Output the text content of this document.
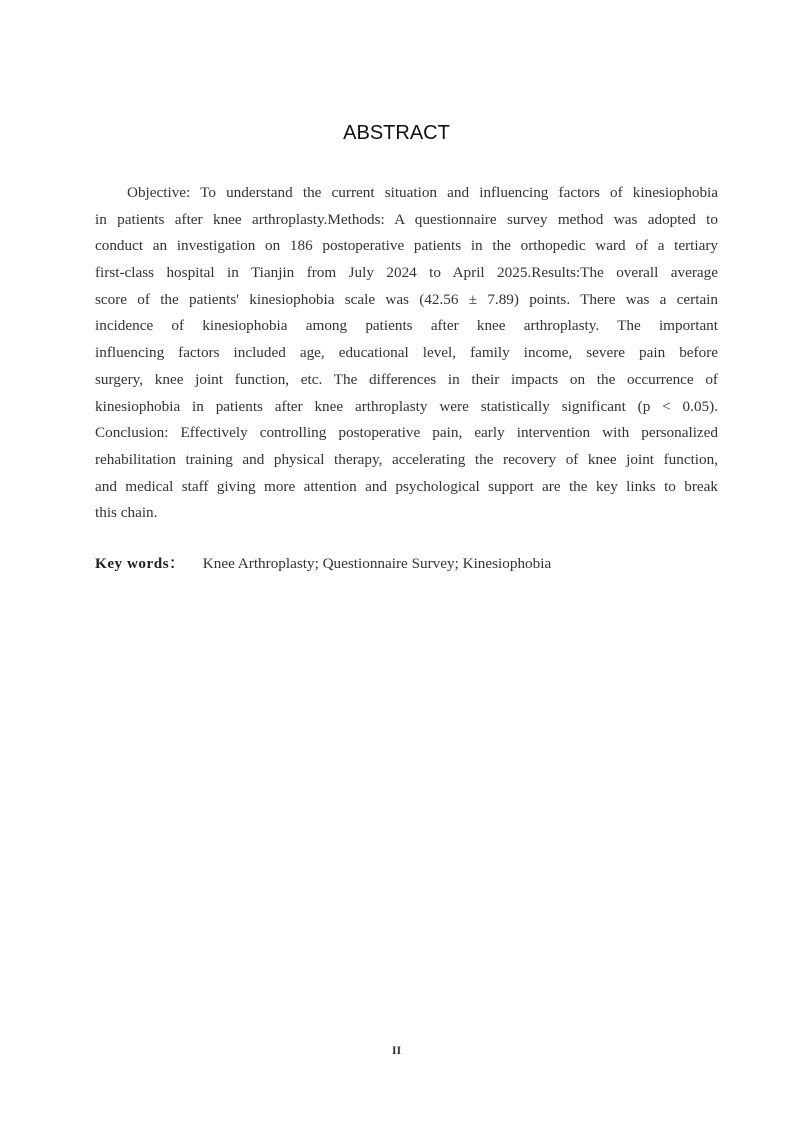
ABSTRACT
Objective: To understand the current situation and influencing factors of kinesiophobia
in patients after knee arthroplasty.Methods: A questionnaire survey method was adopted to
conduct an investigation on 186 postoperative patients in the orthopedic ward of a tertiary
first-class hospital in Tianjin from July 2024 to April 2025.Results:The overall average
score of the patients' kinesiophobia scale was (42.56 ± 7.89) points. There was a certain
incidence of kinesiophobia among patients after knee arthroplasty. The important
influencing factors included age, educational level, family income, severe pain before
surgery, knee joint function, etc. The differences in their impacts on the occurrence of
kinesiophobia in patients after knee arthroplasty were statistically significant (p < 0.05).
Conclusion: Effectively controlling postoperative pain, early intervention with personalized
rehabilitation training and physical therapy, accelerating the recovery of knee joint function,
and medical staff giving more attention and psychological support are the key links to break
this chain.
Key words： Knee Arthroplasty; Questionnaire Survey; Kinesiophobia
II
